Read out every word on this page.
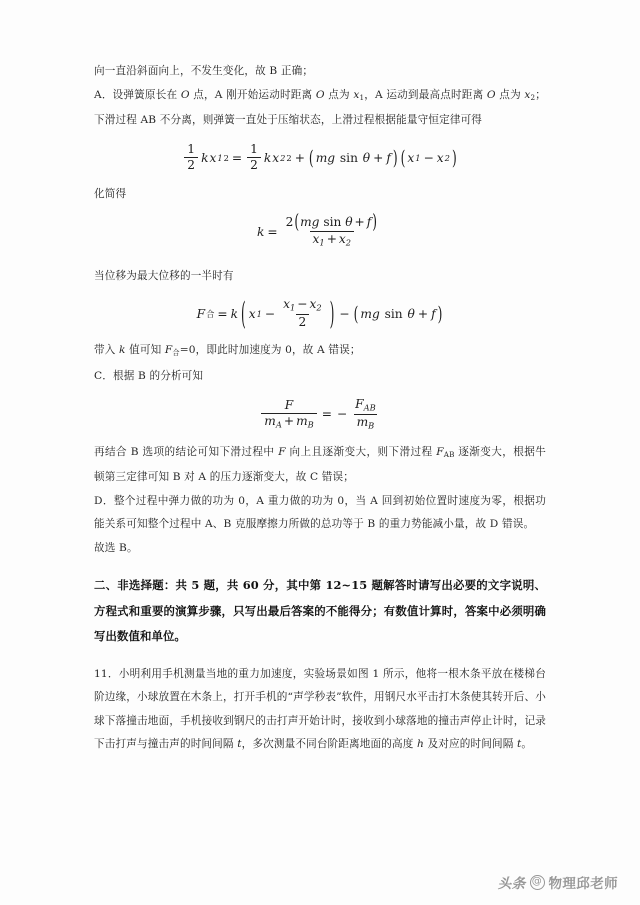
向一直沿斜面向上，不发生变化，故 B 正确；

A．设弹簧原长在 O 点，A 刚开始运动时距离 O 点为 x1，A 运动到最高点时距离 O 点为 x2；下滑过程 AB 不分离，则弹簧一直处于压缩状态，上滑过程根据能量守恒定律可得

$\frac{1}{2}$ k x 1 $2 = \frac{1}{2}$ k x 2 2 + ( mg sin θ + f ) ( x 1 − x 2 )

化简得

$k = \frac{\text{2(mg sin θ + f)}}{x_1 + x_2}$

当位移为最大位移的一半时有

F 合 = k ( x $1 - \frac{x_1 - x_2}{2}$ ) − ( mg sin θ + f )

带入 k 值可知 F合=0，即此时加速度为 0，故 A 错误；

C．根据 B 的分析可知

$\frac{F}{m_A + m_B}$ = − $\frac{F_{AB}}{m_B}$

再结合 B 选项的结论可知下滑过程中 F 向上且逐渐变大，则下滑过程 FAB 逐渐变大，根据牛顿第三定律可知 B 对 A 的压力逐渐变大，故 C 错误；

D．整个过程中弹力做的功为 0，A 重力做的功为 0，当 A 回到初始位置时速度为零，根据功能关系可知整个过程中 A、B 克服摩擦力所做的总功等于 B 的重力势能减小量，故 D 错误。

故选 B。

二、非选择题：共 5 题，共 60 分，其中第 12~15 题解答时请写出必要的文字说明、方程式和重要的演算步骤，只写出最后答案的不能得分；有数值计算时，答案中必须明确写出数值和单位。

11．小明利用手机测量当地的重力加速度，实验场景如图 1 所示，他将一根木条平放在楼梯台阶边缘，小球放置在木条上，打开手机的“声学秒表”软件，用钢尺水平击打木条使其转开后、小球下落撞击地面，手机接收到钢尺的击打声开始计时，接收到小球落地的撞击声停止计时，记录下击打声与撞击声的时间间隔 t，多次测量不同台阶距离地面的高度 h 及对应的时间间隔 t。

头条 @ 物理邱老师
